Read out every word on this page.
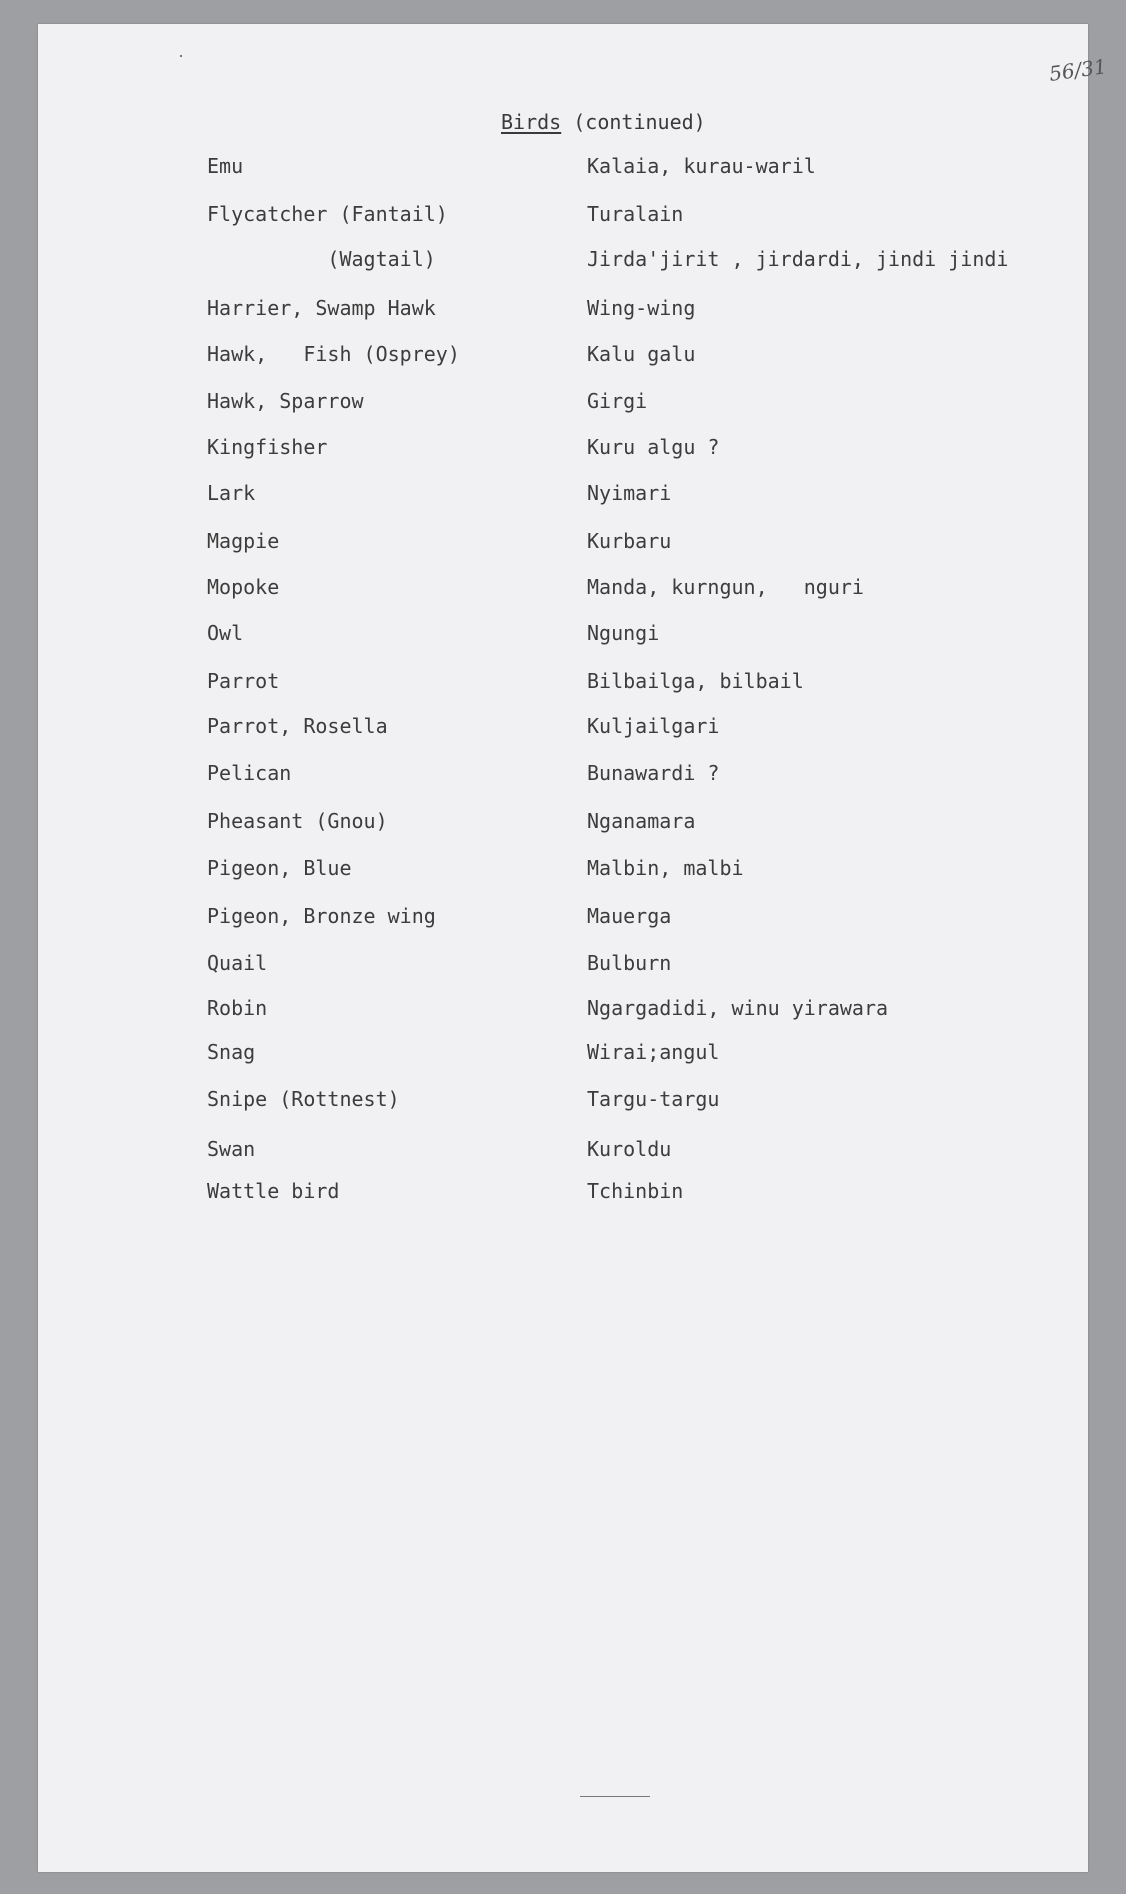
56/31
Birds (continued)
Emu	Kalaia, kurau-waril
Flycatcher (Fantail)	Turalain
(Wagtail)	Jirda'jirit , jirdardi, jindi jindi
Harrier, Swamp Hawk	Wing-wing
Hawk,   Fish (Osprey)	Kalu galu
Hawk, Sparrow	Girgi
Kingfisher	Kuru algu ?
Lark	Nyimari
Magpie	Kurbaru
Mopoke	Manda, kurngun,   nguri
Owl	Ngungi
Parrot	Bilbailga, bilbail
Parrot, Rosella	Kuljailgari
Pelican	Bunawardi ?
Pheasant (Gnou)	Nganamara
Pigeon, Blue	Malbin, malbi
Pigeon, Bronze wing	Mauerga
Quail	Bulburn
Robin	Ngargadidi, winu yirawara
Snag	Wirai;angul
Snipe (Rottnest)	Targu-targu
Swan	Kuroldu
Wattle bird	Tchinbin
